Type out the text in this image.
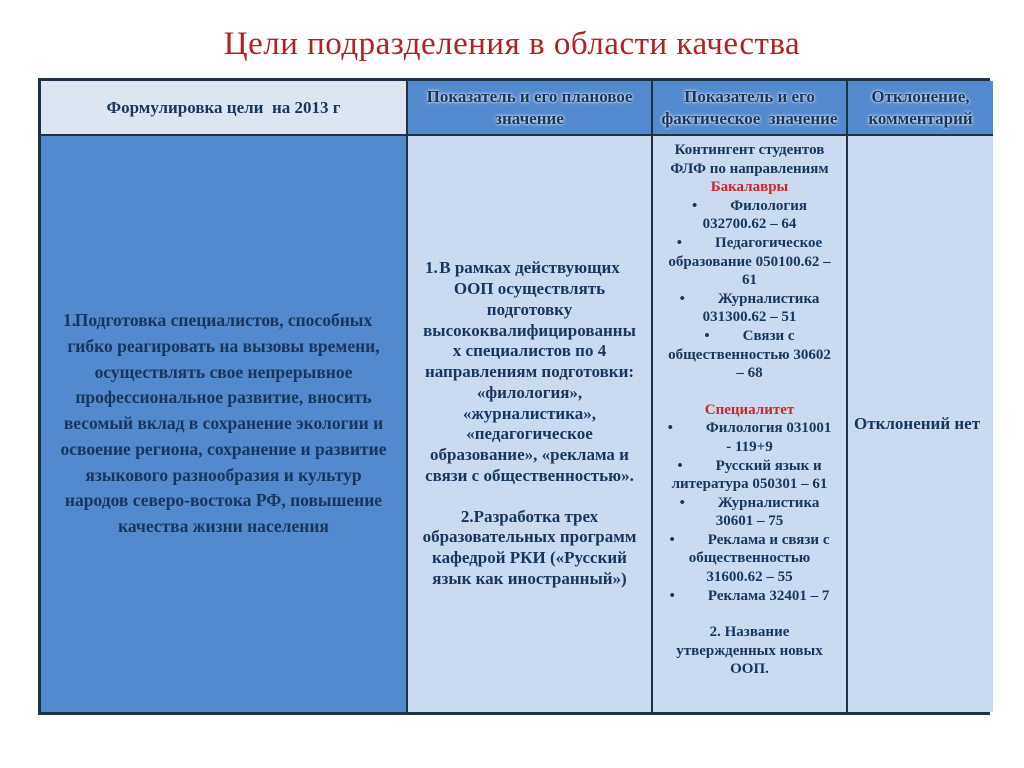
Цели подразделения в области качества
Формулировка цели  на 2013 г
Показатель и его плановое значение
Показатель и его фактическое  значение
Отклонение, комментарий
1.
Подготовка специалистов, способных гибко реагировать на вызовы времени, осуществлять свое непрерывное профессиональное развитие, вносить весомый вклад в сохранение экологии и освоение региона, сохранение и развитие языкового разнообразия и культур народов северо-востока РФ, повышение качества жизни населения
1. В рамках действующих ООП осуществлять подготовку высококвалифицированных специалистов по 4 направлениям подготовки: «филология», «журналистика», «педагогическое образование», «реклама и связи с общественностью».
2.Разработка трех образовательных программ кафедрой РКИ («Русский язык как иностранный»)
Контингент студентов ФЛФ по направлениям
Бакалавры
• Филология 032700.62 – 64
• Педагогическое образование 050100.62 – 61
• Журналистика 031300.62 – 51
• Связи с общественностью 30602 – 68
Специалитет
• Филология 031001 - 119+9
• Русский язык и литература 050301 – 61
• Журналистика 30601 – 75
• Реклама и связи с общественностью 31600.62 – 55
• Реклама 32401 – 7
2. Название утвержденных новых ООП.
Отклонений нет
